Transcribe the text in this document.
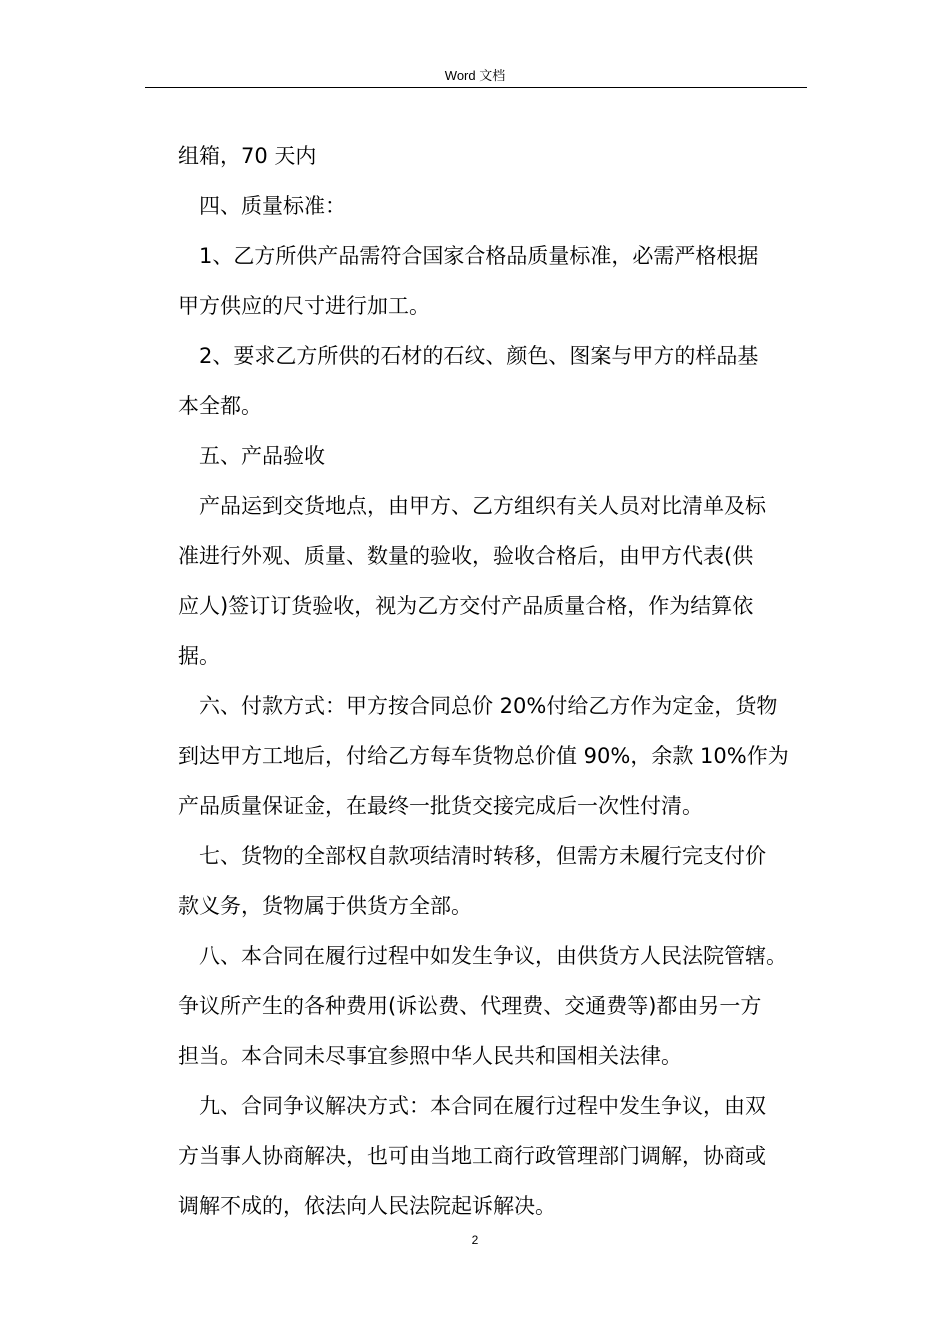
Word 文档
组箱，70 天内
四、质量标准：
1、乙方所供产品需符合国家合格品质量标准，必需严格根据
甲方供应的尺寸进行加工。
2、要求乙方所供的石材的石纹、颜色、图案与甲方的样品基
本全都。
五、产品验收
产品运到交货地点，由甲方、乙方组织有关人员对比清单及标
准进行外观、质量、数量的验收，验收合格后，由甲方代表(供
应人)签订订货验收，视为乙方交付产品质量合格，作为结算依
据。
六、付款方式：甲方按合同总价 20%付给乙方作为定金，货物
到达甲方工地后，付给乙方每车货物总价值 90%，余款 10%作为
产品质量保证金，在最终一批货交接完成后一次性付清。
七、货物的全部权自款项结清时转移，但需方未履行完支付价
款义务，货物属于供货方全部。
八、本合同在履行过程中如发生争议，由供货方人民法院管辖。
争议所产生的各种费用(诉讼费、代理费、交通费等)都由另一方
担当。本合同未尽事宜参照中华人民共和国相关法律。
九、合同争议解决方式：本合同在履行过程中发生争议，由双
方当事人协商解决，也可由当地工商行政管理部门调解，协商或
调解不成的，依法向人民法院起诉解决。
2
